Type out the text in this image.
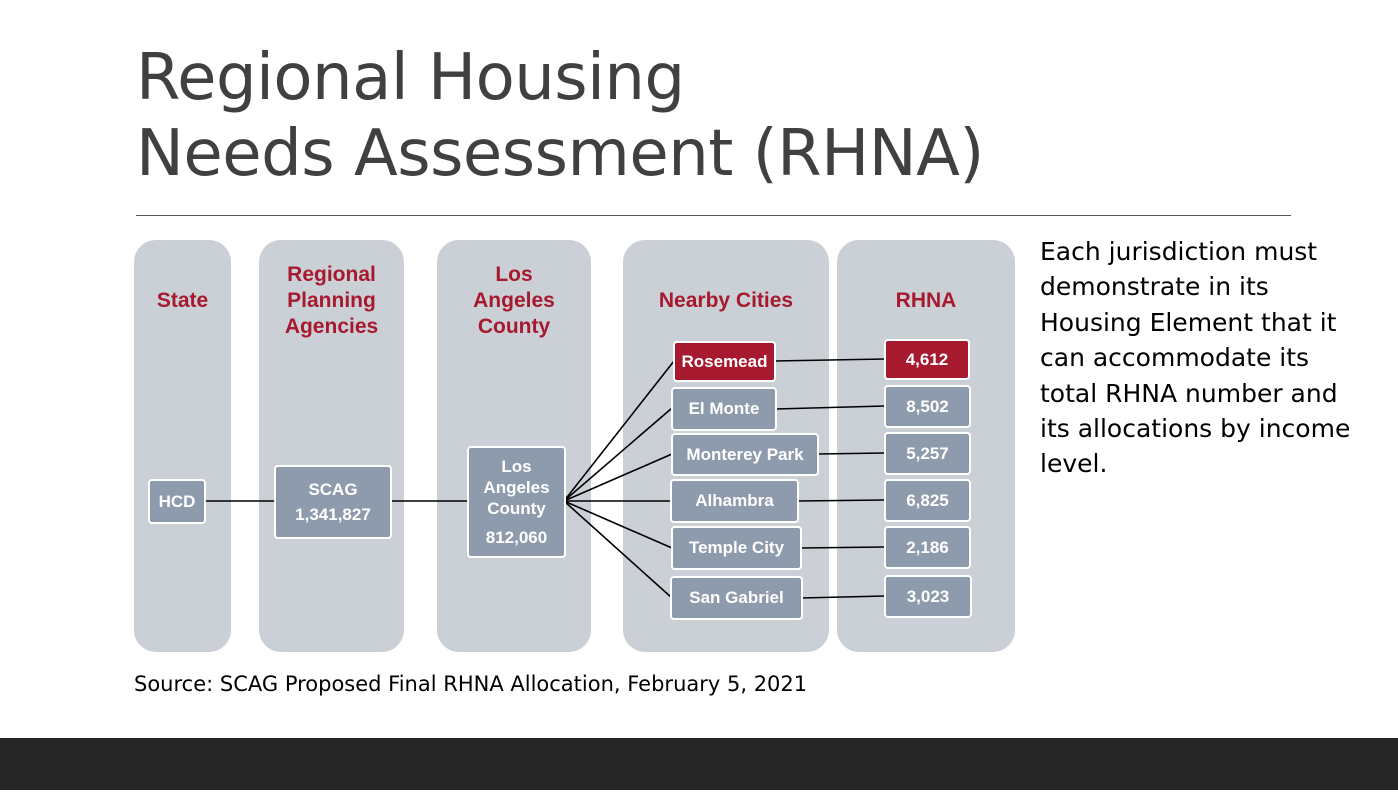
Regional Housing
Needs Assessment (RHNA)
State
Regional
Planning
Agencies
Los
Angeles
County
Nearby Cities	RHNA
HCD
SCAG
1,341,827
Los
Angeles
County
812,060
Rosemead
El Monte
Monterey Park
Alhambra
Temple City
San Gabriel
4,612
8,502
5,257
6,825
2,186
3,023
Each jurisdiction must
demonstrate in its
Housing Element that it
can accommodate its
total RHNA number and
its allocations by income
level.
Source: SCAG Proposed Final RHNA Allocation, February 5, 2021
